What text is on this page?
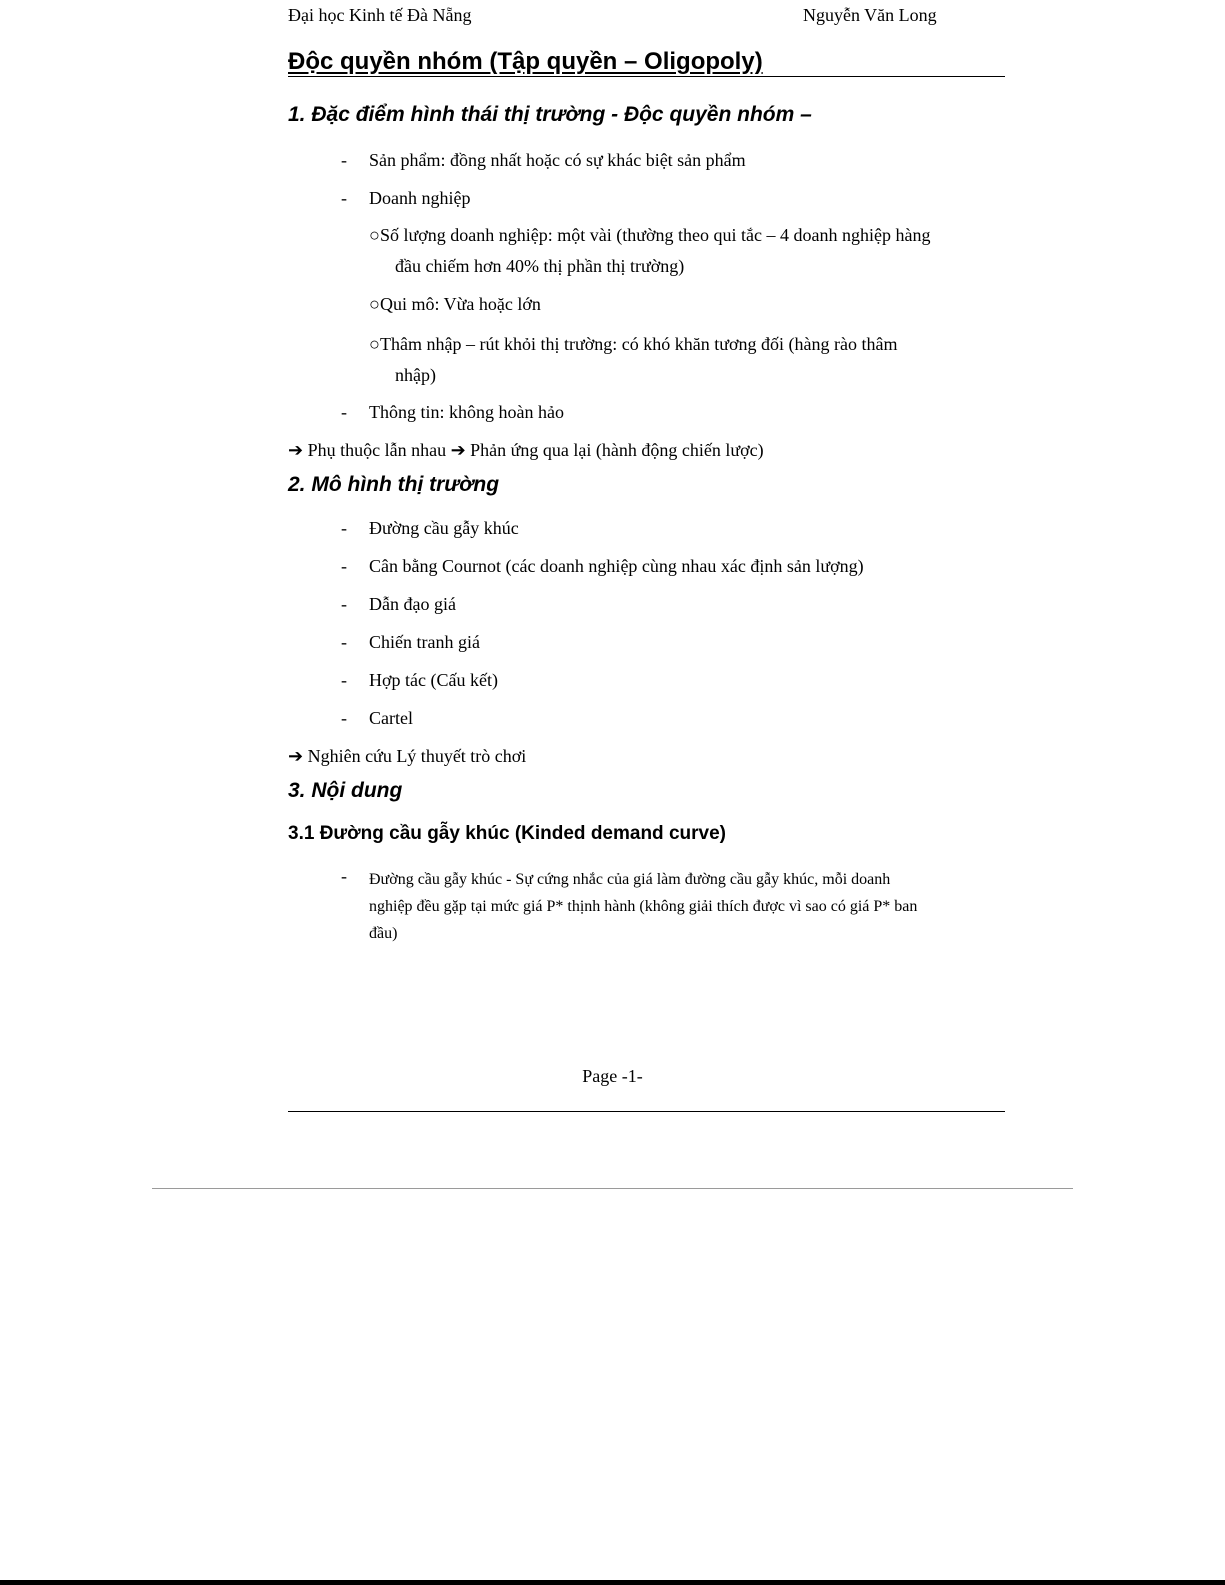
Đại học Kinh tế Đà Nẵng	Nguyễn Văn Long
Độc quyền nhóm (Tập quyền – Oligopoly)
1. Đặc điểm hình thái thị trường - Độc quyền nhóm –
- Sản phẩm: đồng nhất hoặc có sự khác biệt sản phẩm
- Doanh nghiệp
○Số lượng doanh nghiệp: một vài (thường theo qui tắc – 4 doanh nghiệp hàng
đầu chiếm hơn 40% thị phần thị trường)
○Qui mô: Vừa hoặc lớn
○Thâm nhập – rút khỏi thị trường: có khó khăn tương đối (hàng rào thâm
nhập)
- Thông tin: không hoàn hảo
➔ Phụ thuộc lẫn nhau ➔ Phản ứng qua lại (hành động chiến lược)
2. Mô hình thị trường
- Đường cầu gẫy khúc
- Cân bằng Cournot (các doanh nghiệp cùng nhau xác định sản lượng)
- Dẫn đạo giá
- Chiến tranh giá
- Hợp tác (Cấu kết)
- Cartel
➔ Nghiên cứu Lý thuyết trò chơi
3. Nội dung
3.1 Đường cầu gẫy khúc (Kinded demand curve)
- Đường cầu gẫy khúc - Sự cứng nhắc của giá làm đường cầu gẫy khúc, mỗi doanh
nghiệp đều gặp tại mức giá P* thịnh hành (không giải thích được vì sao có giá P* ban
đầu)
Page -1-
